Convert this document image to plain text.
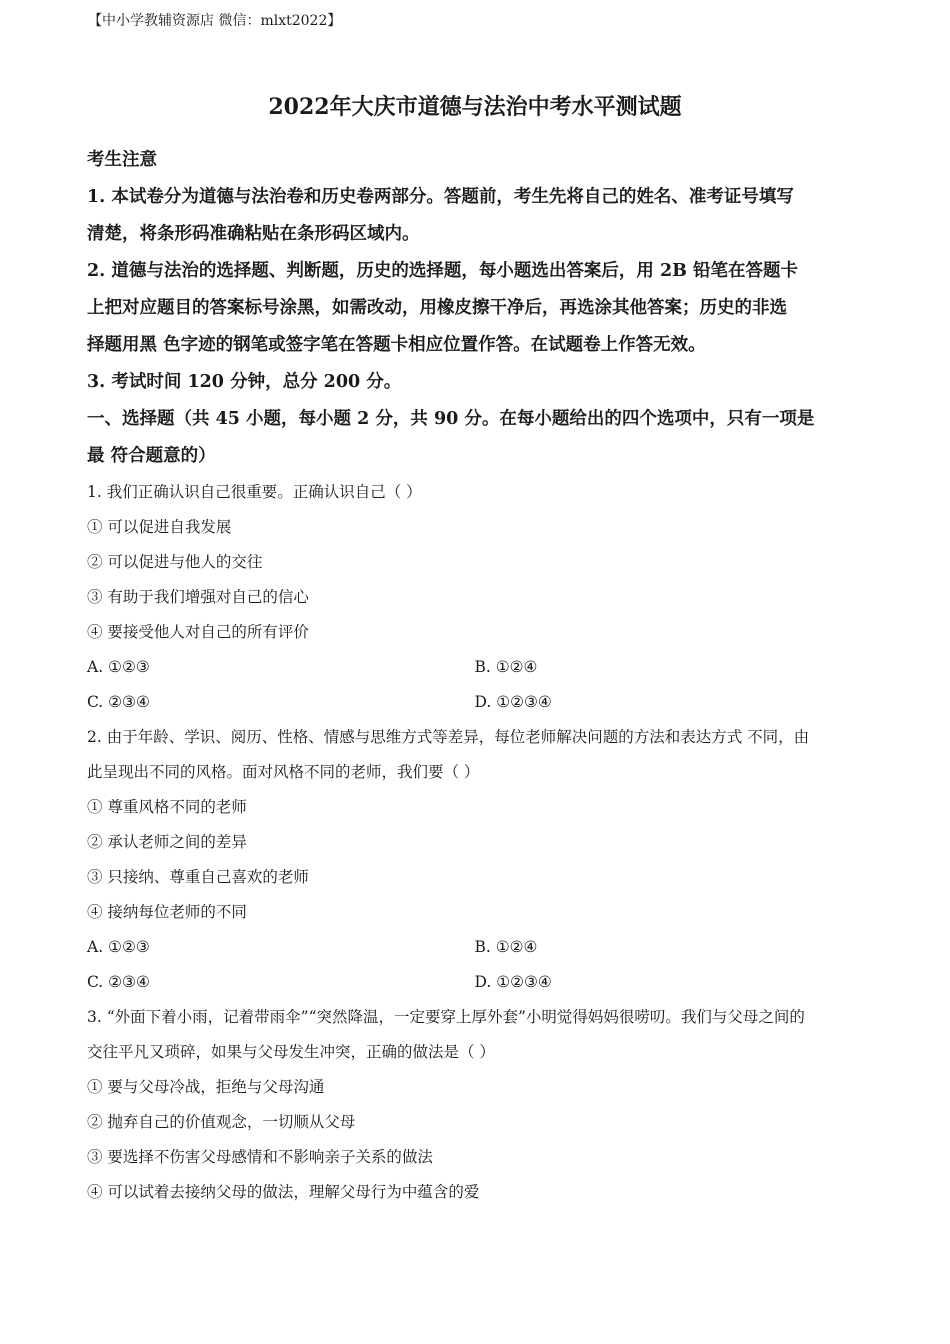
【中小学教辅资源店 微信：mlxt2022】
2022年大庆市道德与法治中考水平测试题
考生注意
1. 本试卷分为道德与法治卷和历史卷两部分。答题前，考生先将自己的姓名、准考证号填写
清楚，将条形码准确粘贴在条形码区域内。
2. 道德与法治的选择题、判断题，历史的选择题，每小题选出答案后，用 2B 铅笔在答题卡
上把对应题目的答案标号涂黑，如需改动，用橡皮擦干净后，再选涂其他答案；历史的非选
择题用黑 色字迹的钢笔或签字笔在答题卡相应位置作答。在试题卷上作答无效。
3. 考试时间 120 分钟，总分 200 分。
一、选择题（共 45 小题，每小题 2 分，共 90 分。在每小题给出的四个选项中，只有一项是
最 符合题意的）
1. 我们正确认识自己很重要。正确认识自己（ ）
① 可以促进自我发展
② 可以促进与他人的交往
③ 有助于我们增强对自己的信心
④ 要接受他人对自己的所有评价
A. ①②③	B. ①②④
C. ②③④	D. ①②③④
2. 由于年龄、学识、阅历、性格、情感与思维方式等差异，每位老师解决问题的方法和表达方式 不同，由
此呈现出不同的风格。面对风格不同的老师，我们要（ ）
① 尊重风格不同的老师
② 承认老师之间的差异
③ 只接纳、尊重自己喜欢的老师
④ 接纳每位老师的不同
A. ①②③	B. ①②④
C. ②③④	D. ①②③④
3. “外面下着小雨，记着带雨伞”“突然降温，一定要穿上厚外套”小明觉得妈妈很唠叨。我们与父母之间的
交往平凡又琐碎，如果与父母发生冲突，正确的做法是（ ）
① 要与父母冷战，拒绝与父母沟通
② 抛弃自己的价值观念，一切顺从父母
③ 要选择不伤害父母感情和不影响亲子关系的做法
④ 可以试着去接纳父母的做法，理解父母行为中蕴含的爱
